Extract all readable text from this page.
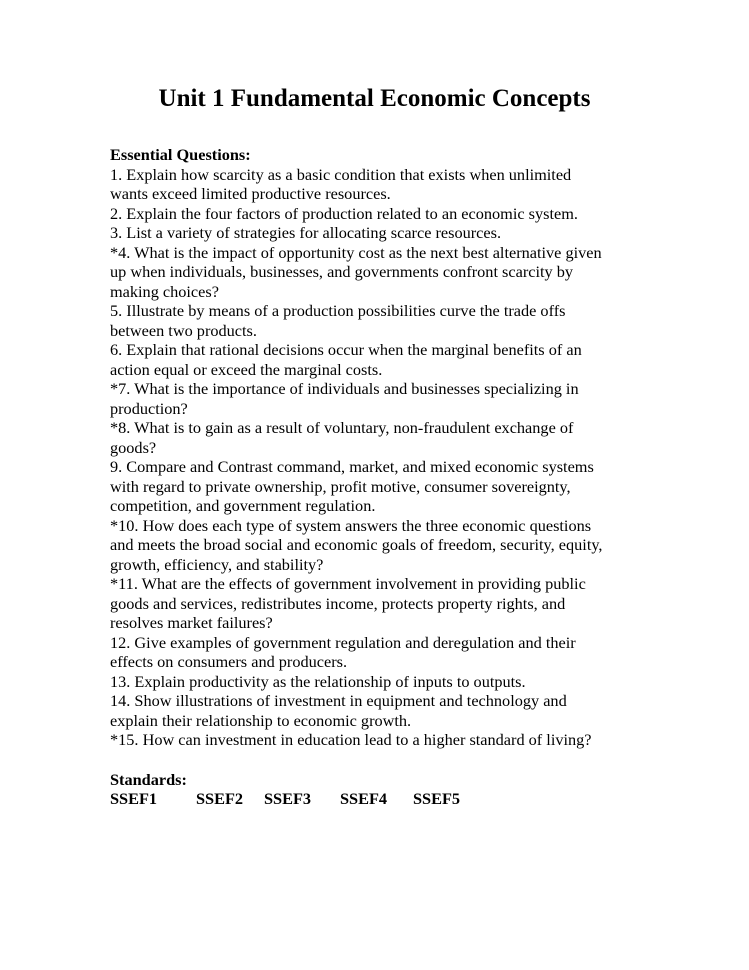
Unit 1 Fundamental Economic Concepts
Essential Questions:
1. Explain how scarcity as a basic condition that exists when unlimited
wants exceed limited productive resources.
2. Explain the four factors of production related to an economic system.
3. List a variety of strategies for allocating scarce resources.
*4. What is the impact of opportunity cost as the next best alternative given
up when individuals, businesses, and governments confront scarcity by
making choices?
5. Illustrate by means of a production possibilities curve the trade offs
between two products.
6. Explain that rational decisions occur when the marginal benefits of an
action equal or exceed the marginal costs.
*7. What is the importance of individuals and businesses specializing in
production?
*8. What is to gain as a result of voluntary, non-fraudulent exchange of
goods?
9. Compare and Contrast command, market, and mixed economic systems
with regard to private ownership, profit motive, consumer sovereignty,
competition, and government regulation.
*10. How does each type of system answers the three economic questions
and meets the broad social and economic goals of freedom, security, equity,
growth, efficiency, and stability?
*11. What are the effects of government involvement in providing public
goods and services, redistributes income, protects property rights, and
resolves market failures?
12. Give examples of government regulation and deregulation and their
effects on consumers and producers.
13. Explain productivity as the relationship of inputs to outputs.
14. Show illustrations of investment in equipment and technology and
explain their relationship to economic growth.
*15. How can investment in education lead to a higher standard of living?
Standards:
SSEF1 SSEF2 SSEF3 SSEF4 SSEF5
